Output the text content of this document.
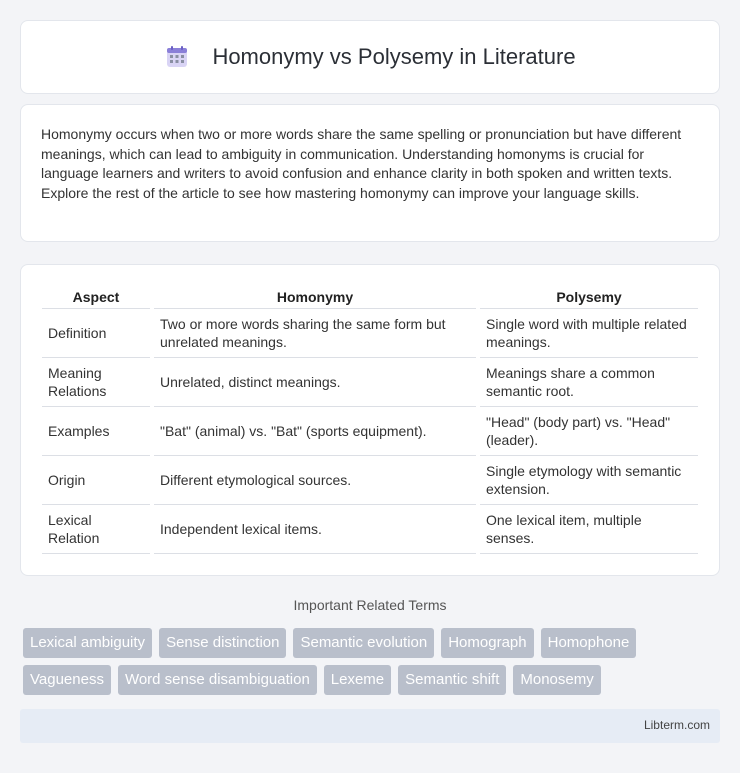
Homonymy vs Polysemy in Literature

Homonymy occurs when two or more words share the same spelling or pronunciation but have different meanings, which can lead to ambiguity in communication. Understanding homonyms is crucial for language learners and writers to avoid confusion and enhance clarity in both spoken and written texts. Explore the rest of the article to see how mastering homonymy can improve your language skills.

Aspect	Homonymy	Polysemy
Definition	Two or more words sharing the same form but unrelated meanings.	Single word with multiple related meanings.
Meaning Relations	Unrelated, distinct meanings.	Meanings share a common semantic root.
Examples	"Bat" (animal) vs. "Bat" (sports equipment).	"Head" (body part) vs. "Head" (leader).
Origin	Different etymological sources.	Single etymology with semantic extension.
Lexical Relation	Independent lexical items.	One lexical item, multiple senses.
Important Related Terms
Lexical ambiguity	Sense distinction	Semantic evolution	Homograph	Homophone
Vagueness	Word sense disambiguation	Lexeme	Semantic shift	Monosemy
Libterm.com
